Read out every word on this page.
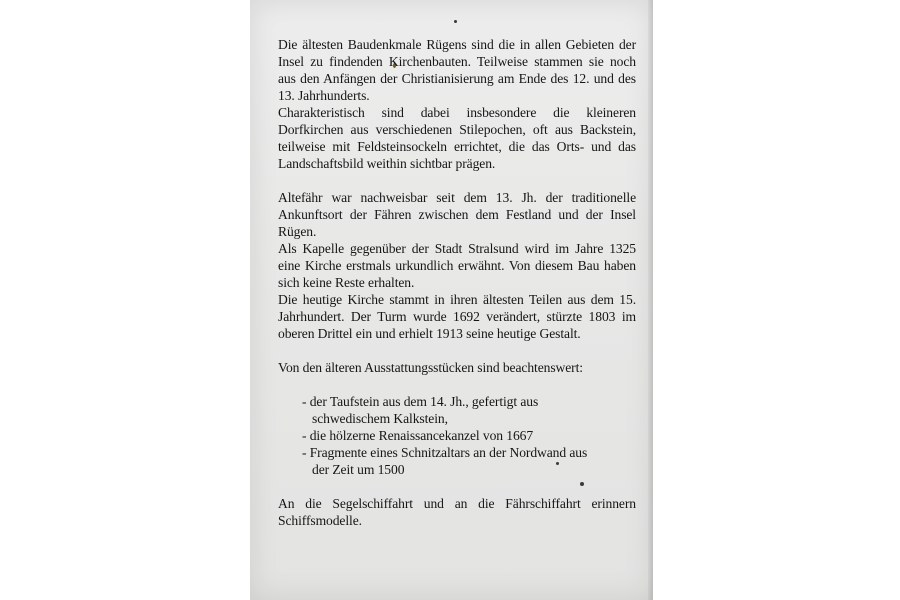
Die ältesten Baudenkmale Rügens sind die in allen Gebieten der Insel zu findenden Kirchenbauten. Teilweise stammen sie noch aus den Anfängen der Christianisierung am Ende des 12. und des 13. Jahrhunderts.

Charakteristisch sind dabei insbesondere die kleineren Dorfkirchen aus verschiedenen Stilepochen, oft aus Backstein, teilweise mit Feldsteinsockeln errichtet, die das Orts- und das Landschaftsbild weithin sichtbar prägen.

Altefähr war nachweisbar seit dem 13. Jh. der traditionelle Ankunftsort der Fähren zwischen dem Festland und der Insel Rügen.

Als Kapelle gegenüber der Stadt Stralsund wird im Jahre 1325 eine Kirche erstmals urkundlich erwähnt. Von diesem Bau haben sich keine Reste erhalten.

Die heutige Kirche stammt in ihren ältesten Teilen aus dem 15. Jahrhundert. Der Turm wurde 1692 verändert, stürzte 1803 im oberen Drittel ein und erhielt 1913 seine heutige Gestalt.

Von den älteren Ausstattungsstücken sind beachtenswert:

- der Taufstein aus dem 14. Jh., gefertigt aus
schwedischem Kalkstein,
- die hölzerne Renaissancekanzel von 1667
- Fragmente eines Schnitzaltars an der Nordwand aus
der Zeit um 1500

An die Segelschiffahrt und an die Fährschiffahrt erinnern Schiffsmodelle.
